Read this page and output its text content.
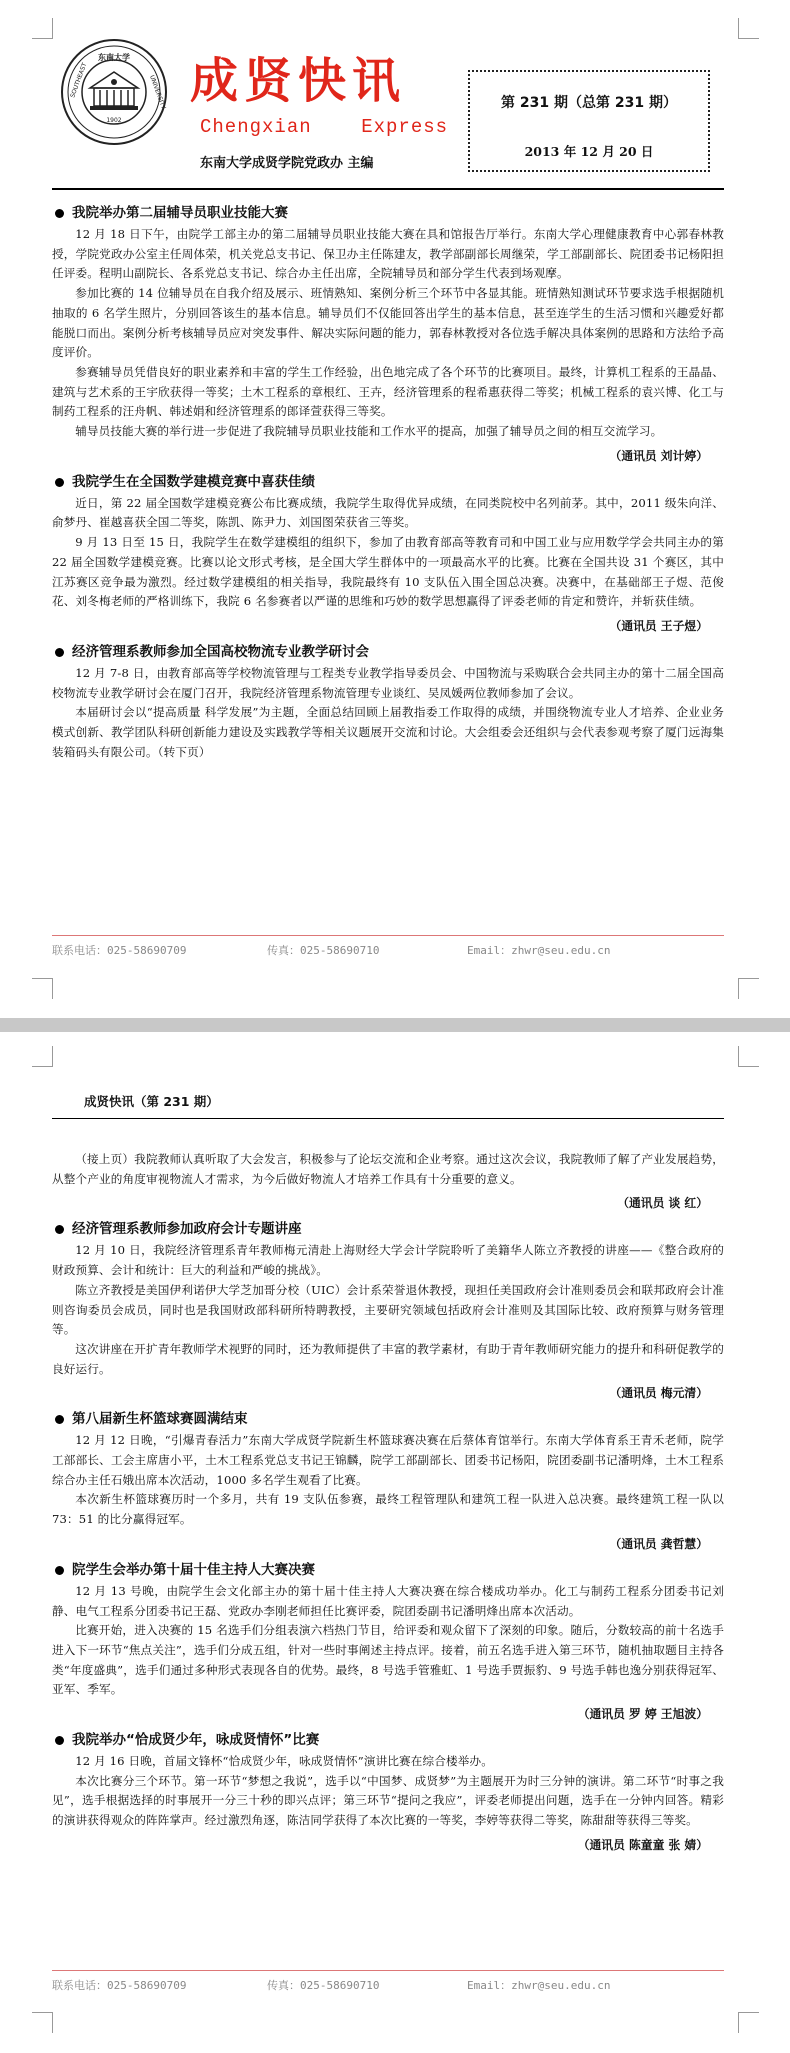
东南大学
SOUTHEAST	UNIVERSITY
1902
成贤快讯
Chengxian    Express
东南大学成贤学院党政办 主编
第 231 期（总第 231 期）
2013 年 12 月 20 日
我院举办第二届辅导员职业技能大赛

12 月 18 日下午，由院学工部主办的第二届辅导员职业技能大赛在具和馆报告厅举行。东南大学心理健康教育中心郭春林教授，学院党政办公室主任周体荣，机关党总支书记、保卫办主任陈建友，教学部副部长周继荣，学工部副部长、院团委书记杨阳担任评委。程明山副院长、各系党总支书记、综合办主任出席，全院辅导员和部分学生代表到场观摩。

参加比赛的 14 位辅导员在自我介绍及展示、班情熟知、案例分析三个环节中各显其能。班情熟知测试环节要求选手根据随机抽取的 6 名学生照片，分别回答该生的基本信息。辅导员们不仅能回答出学生的基本信息，甚至连学生的生活习惯和兴趣爱好都能脱口而出。案例分析考核辅导员应对突发事件、解决实际问题的能力，郭春林教授对各位选手解决具体案例的思路和方法给予高度评价。

参赛辅导员凭借良好的职业素养和丰富的学生工作经验，出色地完成了各个环节的比赛项目。最终，计算机工程系的王晶晶、建筑与艺术系的王宇欣获得一等奖；土木工程系的章根红、王卉，经济管理系的程希惠获得二等奖；机械工程系的袁兴博、化工与制药工程系的汪舟帆、韩述娟和经济管理系的郎译萱获得三等奖。

辅导员技能大赛的举行进一步促进了我院辅导员职业技能和工作水平的提高，加强了辅导员之间的相互交流学习。

（通讯员 刘计婷）
我院学生在全国数学建模竞赛中喜获佳绩

近日，第 22 届全国数学建模竞赛公布比赛成绩，我院学生取得优异成绩，在同类院校中名列前茅。其中，2011 级朱向洋、俞梦丹、崔越喜获全国二等奖，陈凯、陈尹力、刘国图荣获省三等奖。

9 月 13 日至 15 日，我院学生在数学建模组的组织下，参加了由教育部高等教育司和中国工业与应用数学学会共同主办的第 22 届全国数学建模竞赛。比赛以论文形式考核，是全国大学生群体中的一项最高水平的比赛。比赛在全国共设 31 个赛区，其中江苏赛区竞争最为激烈。经过数学建模组的相关指导，我院最终有 10 支队伍入围全国总决赛。决赛中，在基础部王子煜、范俊花、刘冬梅老师的严格训练下，我院 6 名参赛者以严谨的思维和巧妙的数学思想赢得了评委老师的肯定和赞许，并斩获佳绩。

（通讯员 王子煜）
经济管理系教师参加全国高校物流专业教学研讨会

12 月 7-8 日，由教育部高等学校物流管理与工程类专业教学指导委员会、中国物流与采购联合会共同主办的第十二届全国高校物流专业教学研讨会在厦门召开，我院经济管理系物流管理专业谈红、吴凤媛两位教师参加了会议。

本届研讨会以“提高质量 科学发展”为主题，全面总结回顾上届教指委工作取得的成绩，并围绕物流专业人才培养、企业业务模式创新、教学团队科研创新能力建设及实践教学等相关议题展开交流和讨论。大会组委会还组织与会代表参观考察了厦门远海集装箱码头有限公司。（转下页）

联系电话：025-58690709	传真：025-58690710	Email：zhwr@seu.edu.cn
成贤快讯（第 231 期）

（接上页）我院教师认真听取了大会发言，积极参与了论坛交流和企业考察。通过这次会议，我院教师了解了产业发展趋势，从整个产业的角度审视物流人才需求，为今后做好物流人才培养工作具有十分重要的意义。

（通讯员 谈 红）
经济管理系教师参加政府会计专题讲座

12 月 10 日，我院经济管理系青年教师梅元清赴上海财经大学会计学院聆听了美籍华人陈立齐教授的讲座——《整合政府的财政预算、会计和统计：巨大的利益和严峻的挑战》。

陈立齐教授是美国伊利诺伊大学芝加哥分校（UIC）会计系荣誉退休教授，现担任美国政府会计准则委员会和联邦政府会计准则咨询委员会成员，同时也是我国财政部科研所特聘教授，主要研究领域包括政府会计准则及其国际比较、政府预算与财务管理等。

这次讲座在开扩青年教师学术视野的同时，还为教师提供了丰富的教学素材，有助于青年教师研究能力的提升和科研促教学的良好运行。

（通讯员 梅元清）
第八届新生杯篮球赛圆满结束

12 月 12 日晚，“引爆青春活力”东南大学成贤学院新生杯篮球赛决赛在后蔡体育馆举行。东南大学体育系王青禾老师，院学工部部长、工会主席唐小平，土木工程系党总支书记王锦麟，院学工部副部长、团委书记杨阳，院团委副书记潘明烽，土木工程系综合办主任石娥出席本次活动，1000 多名学生观看了比赛。

本次新生杯篮球赛历时一个多月，共有 19 支队伍参赛，最终工程管理队和建筑工程一队进入总决赛。最终建筑工程一队以 73：51 的比分赢得冠军。

（通讯员 龚哲慧）
院学生会举办第十届十佳主持人大赛决赛

12 月 13 号晚，由院学生会文化部主办的第十届十佳主持人大赛决赛在综合楼成功举办。化工与制药工程系分团委书记刘静、电气工程系分团委书记王磊、党政办李刚老师担任比赛评委，院团委副书记潘明烽出席本次活动。

比赛开始，进入决赛的 15 名选手们分组表演六档热门节目，给评委和观众留下了深刻的印象。随后，分数较高的前十名选手进入下一环节“焦点关注”，选手们分成五组，针对一些时事阐述主持点评。接着，前五名选手进入第三环节，随机抽取题目主持各类“年度盛典”，选手们通过多种形式表现各自的优势。最终，8 号选手管雅虹、1 号选手贾振豹、9 号选手韩也逸分别获得冠军、亚军、季军。

（通讯员 罗 婷 王旭波）
我院举办“恰成贤少年，咏成贤情怀”比赛

12 月 16 日晚，首届文锋杯“恰成贤少年，咏成贤情怀”演讲比赛在综合楼举办。

本次比赛分三个环节。第一环节“梦想之我说”，选手以“中国梦、成贤梦”为主题展开为时三分钟的演讲。第二环节“时事之我见”，选手根据选择的时事展开一分三十秒的即兴点评；第三环节“提问之我应”，评委老师提出问题，选手在一分钟内回答。精彩的演讲获得观众的阵阵掌声。经过激烈角逐，陈洁同学获得了本次比赛的一等奖，李婷等获得二等奖，陈甜甜等获得三等奖。

（通讯员 陈童童 张 婧）
联系电话：025-58690709	传真：025-58690710	Email：zhwr@seu.edu.cn
